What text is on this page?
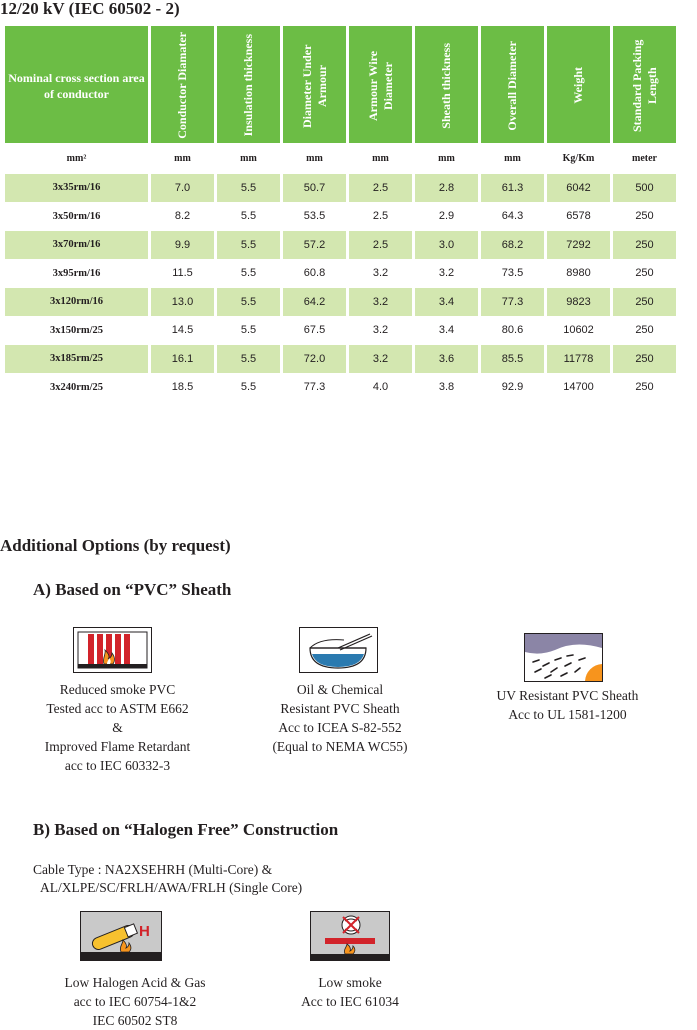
12/20 kV (IEC 60502 - 2)
Nominal cross section area of conductor	Conductor Diamater	Insulation thickness	Diameter Under Armour	Armour Wire Diameter	Sheath thickness	Overall Diameter	Weight	Standard Packing Length

mm²	mm	mm	mm	mm	mm	mm	Kg/Km	meter
3x35rm/16	7.0	5.5	50.7	2.5	2.8	61.3	6042	500
3x50rm/16	8.2	5.5	53.5	2.5	2.9	64.3	6578	250
3x70rm/16	9.9	5.5	57.2	2.5	3.0	68.2	7292	250
3x95rm/16	11.5	5.5	60.8	3.2	3.2	73.5	8980	250
3x120rm/16	13.0	5.5	64.2	3.2	3.4	77.3	9823	250
3x150rm/25	14.5	5.5	67.5	3.2	3.4	80.6	10602	250
3x185rm/25	16.1	5.5	72.0	3.2	3.6	85.5	11778	250
3x240rm/25	18.5	5.5	77.3	4.0	3.8	92.9	14700	250
Additional Options (by request)
A) Based on “PVC” Sheath
Reduced smoke PVC
Tested acc to ASTM E662
&
Improved Flame Retardant
acc to IEC 60332-3
Oil & Chemical
Resistant PVC Sheath
Acc to ICEA S-82-552
(Equal to NEMA WC55)
UV Resistant PVC Sheath
Acc to UL 1581-1200
B) Based on “Halogen Free” Construction
Cable Type : NA2XSEHRH (Multi-Core) &
AL/XLPE/SC/FRLH/AWA/FRLH (Single Core)
H
Low Halogen Acid & Gas
acc to IEC 60754-1&2
IEC 60502 ST8
Low smoke
Acc to IEC 61034
